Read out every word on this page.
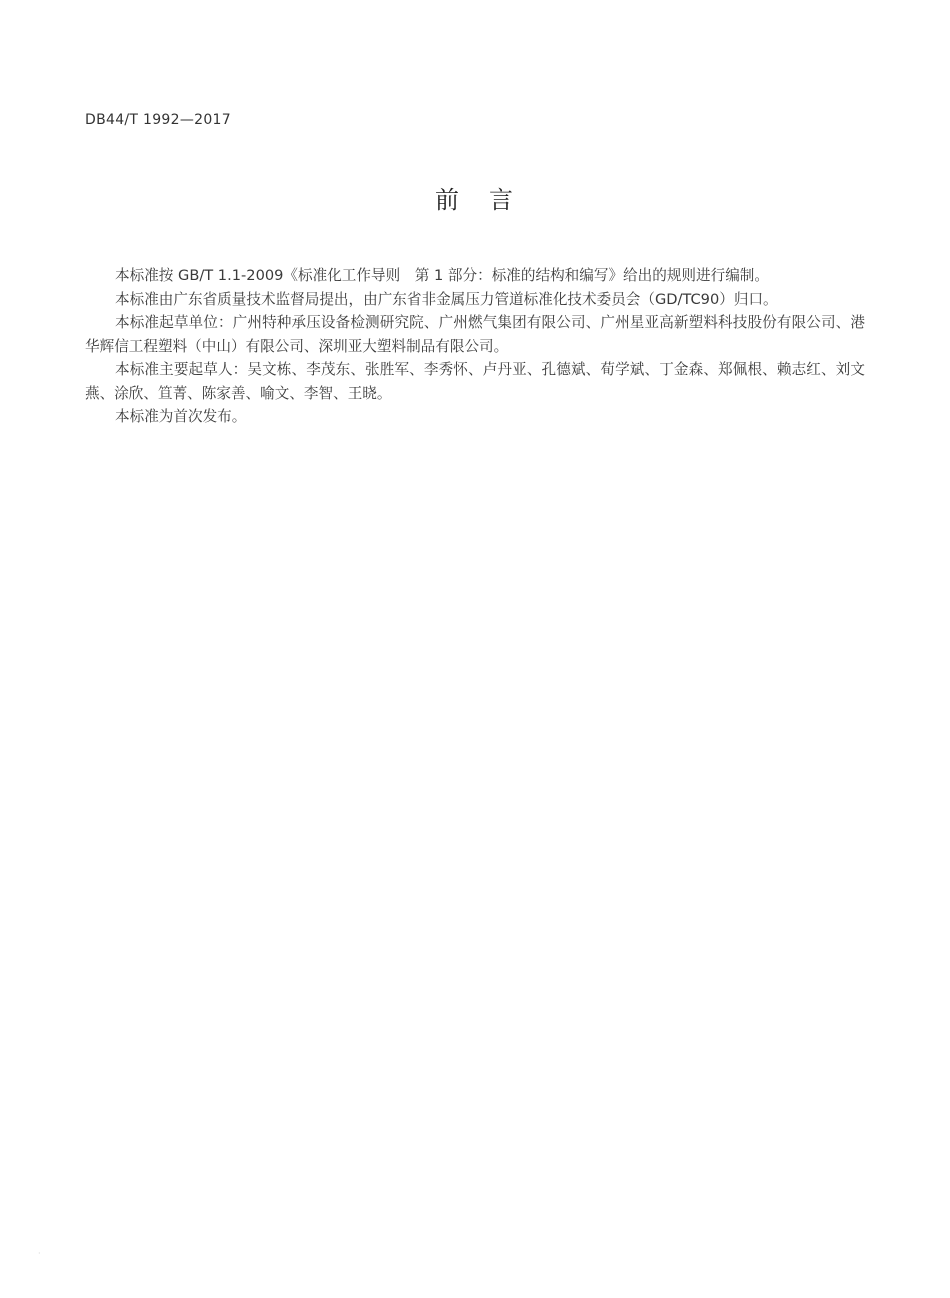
DB44/T 1992—2017
前 言

本标准按 GB/T 1.1-2009《标准化工作导则　第 1 部分：标准的结构和编写》给出的规则进行编制。

本标准由广东省质量技术监督局提出，由广东省非金属压力管道标准化技术委员会（GD/TC90）归口。

本标准起草单位：广州特种承压设备检测研究院、广州燃气集团有限公司、广州星亚高新塑料科技股份有限公司、港华辉信工程塑料（中山）有限公司、深圳亚大塑料制品有限公司。

本标准主要起草人：吴文栋、李茂东、张胜军、李秀怀、卢丹亚、孔德斌、荀学斌、丁金森、郑佩根、赖志红、刘文燕、涂欣、笪菁、陈家善、喻文、李智、王晓。

本标准为首次发布。

·
